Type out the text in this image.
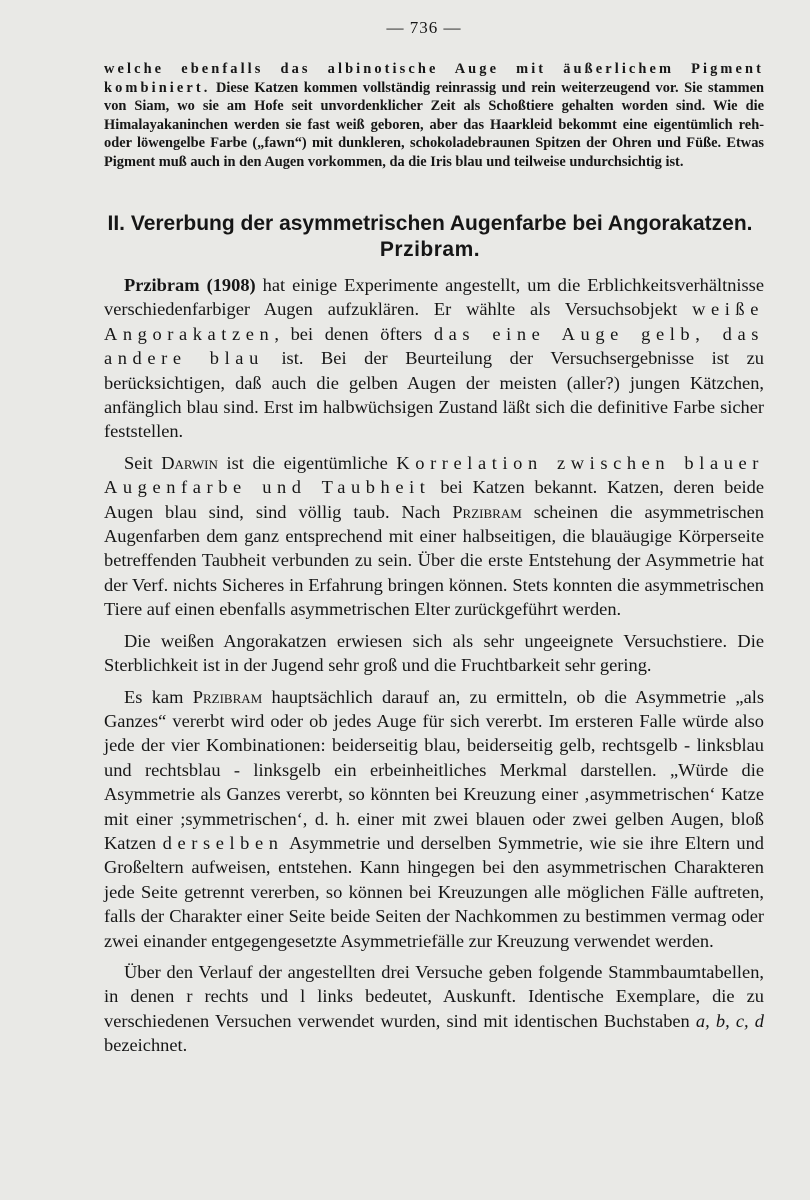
— 736 —

welche ebenfalls das albinotische Auge mit äußerlichem Pigment kombiniert. Diese Katzen kommen vollständig reinrassig und rein weiterzeugend vor. Sie stammen von Siam, wo sie am Hofe seit unvordenklicher Zeit als Schoßtiere gehalten worden sind. Wie die Himalayakaninchen werden sie fast weiß geboren, aber das Haarkleid bekommt eine eigentümlich reh- oder löwengelbe Farbe („fawn“) mit dunkleren, schokoladebraunen Spitzen der Ohren und Füße. Etwas Pigment muß auch in den Augen vorkommen, da die Iris blau und teilweise undurchsichtig ist.

II. Vererbung der asymmetrischen Augenfarbe bei Angorakatzen.
Przibram.

Przibram (1908) hat einige Experimente angestellt, um die Erblichkeitsverhältnisse verschiedenfarbiger Augen aufzuklären. Er wählte als Versuchsobjekt weiße Angorakatzen, bei denen öfters das eine Auge gelb, das andere blau ist. Bei der Beurteilung der Versuchsergebnisse ist zu berücksichtigen, daß auch die gelben Augen der meisten (aller?) jungen Kätzchen, anfänglich blau sind. Erst im halbwüchsigen Zustand läßt sich die definitive Farbe sicher feststellen.

Seit Darwin ist die eigentümliche Korrelation zwischen blauer Augenfarbe und Taubheit bei Katzen bekannt. Katzen, deren beide Augen blau sind, sind völlig taub. Nach Przibram scheinen die asymmetrischen Augenfarben dem ganz entsprechend mit einer halbseitigen, die blauäugige Körperseite betreffenden Taubheit verbunden zu sein. Über die erste Entstehung der Asymmetrie hat der Verf. nichts Sicheres in Erfahrung bringen können. Stets konnten die asymmetrischen Tiere auf einen ebenfalls asymmetrischen Elter zurückgeführt werden.

Die weißen Angorakatzen erwiesen sich als sehr ungeeignete Versuchstiere. Die Sterblichkeit ist in der Jugend sehr groß und die Fruchtbarkeit sehr gering.

Es kam Przibram hauptsächlich darauf an, zu ermitteln, ob die Asymmetrie „als Ganzes“ vererbt wird oder ob jedes Auge für sich vererbt. Im ersteren Falle würde also jede der vier Kombinationen: beiderseitig blau, beiderseitig gelb, rechtsgelb - linksblau und rechtsblau - linksgelb ein erbeinheitliches Merkmal darstellen. „Würde die Asymmetrie als Ganzes vererbt, so könnten bei Kreuzung einer ‚asymmetrischen‘ Katze mit einer ;symmetrischen‘, d. h. einer mit zwei blauen oder zwei gelben Augen, bloß Katzen derselben Asymmetrie und derselben Symmetrie, wie sie ihre Eltern und Großeltern aufweisen, entstehen. Kann hingegen bei den asymmetrischen Charakteren jede Seite getrennt vererben, so können bei Kreuzungen alle möglichen Fälle auftreten, falls der Charakter einer Seite beide Seiten der Nachkommen zu bestimmen vermag oder zwei einander entgegengesetzte Asymmetriefälle zur Kreuzung verwendet werden.

Über den Verlauf der angestellten drei Versuche geben folgende Stammbaumtabellen, in denen r rechts und l links bedeutet, Auskunft. Identische Exemplare, die zu verschiedenen Versuchen verwendet wurden, sind mit identischen Buchstaben a, b, c, d bezeichnet.
